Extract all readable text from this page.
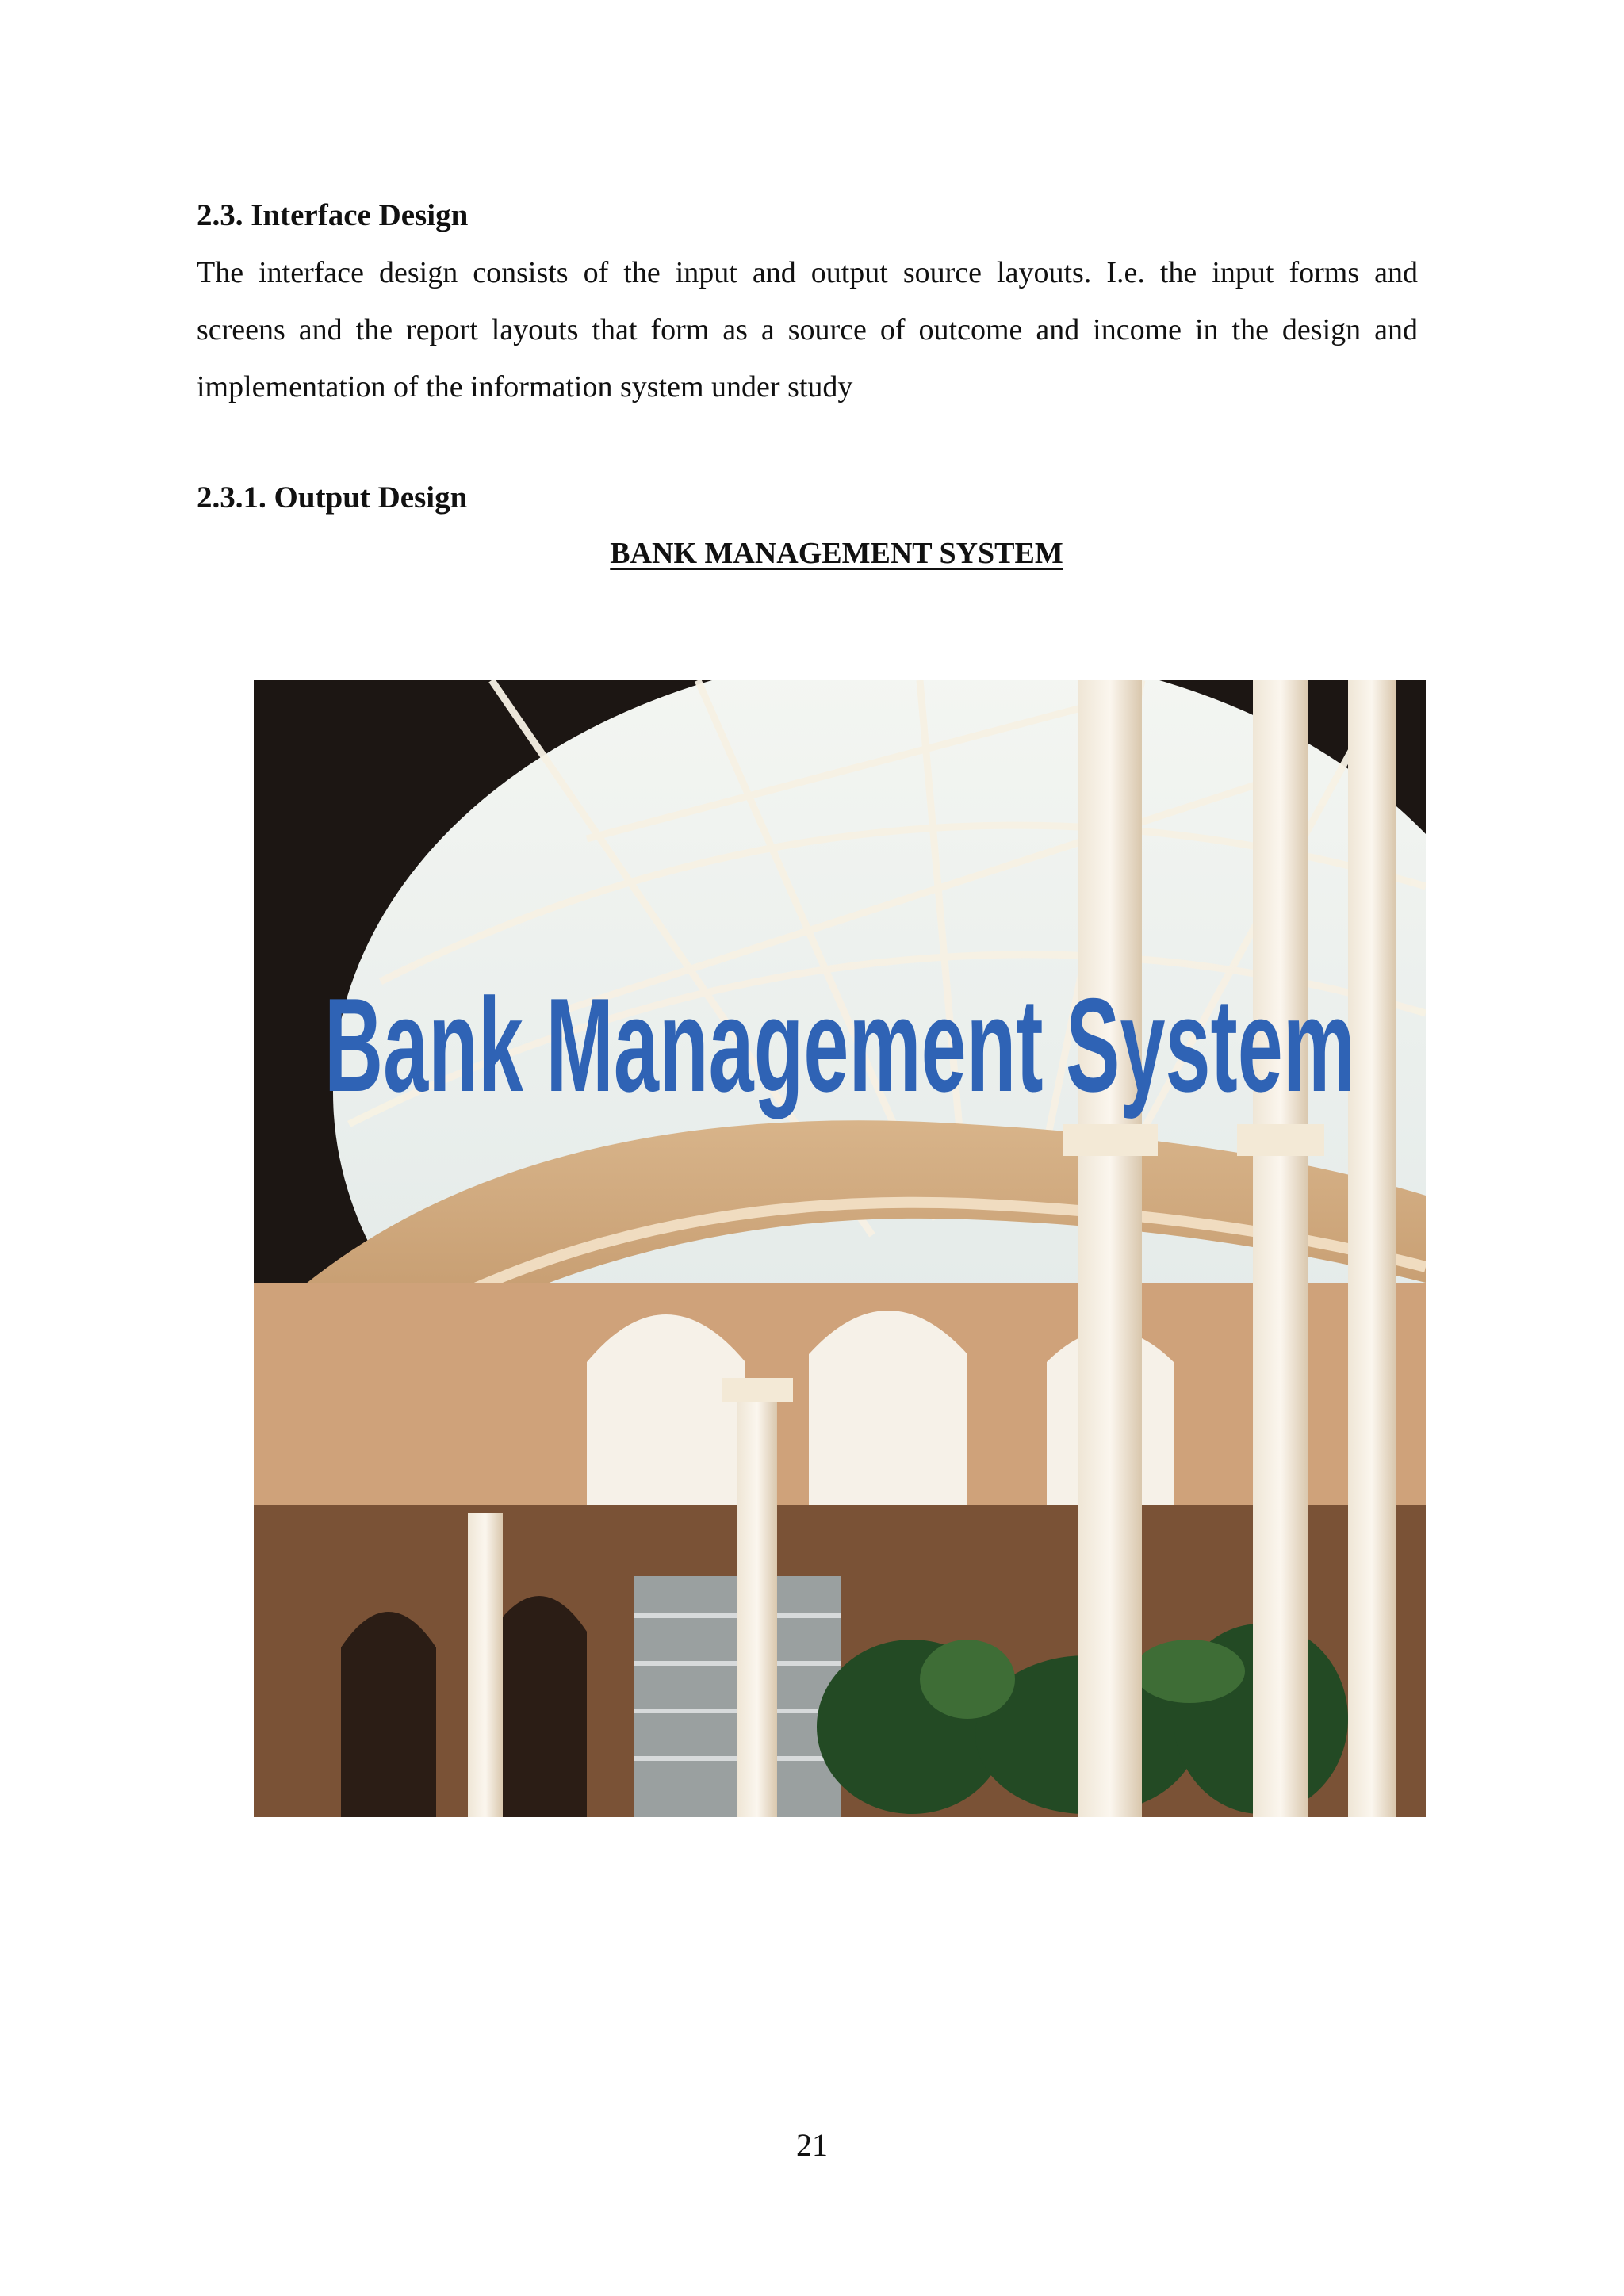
2.3. Interface Design
The interface design consists of the input and output source layouts. I.e. the input forms and
screens and the report layouts that form as a source of outcome and income in the design and
implementation of the information system under study
2.3.1. Output Design

BANK MANAGEMENT SYSTEM

Bank Management System

21
